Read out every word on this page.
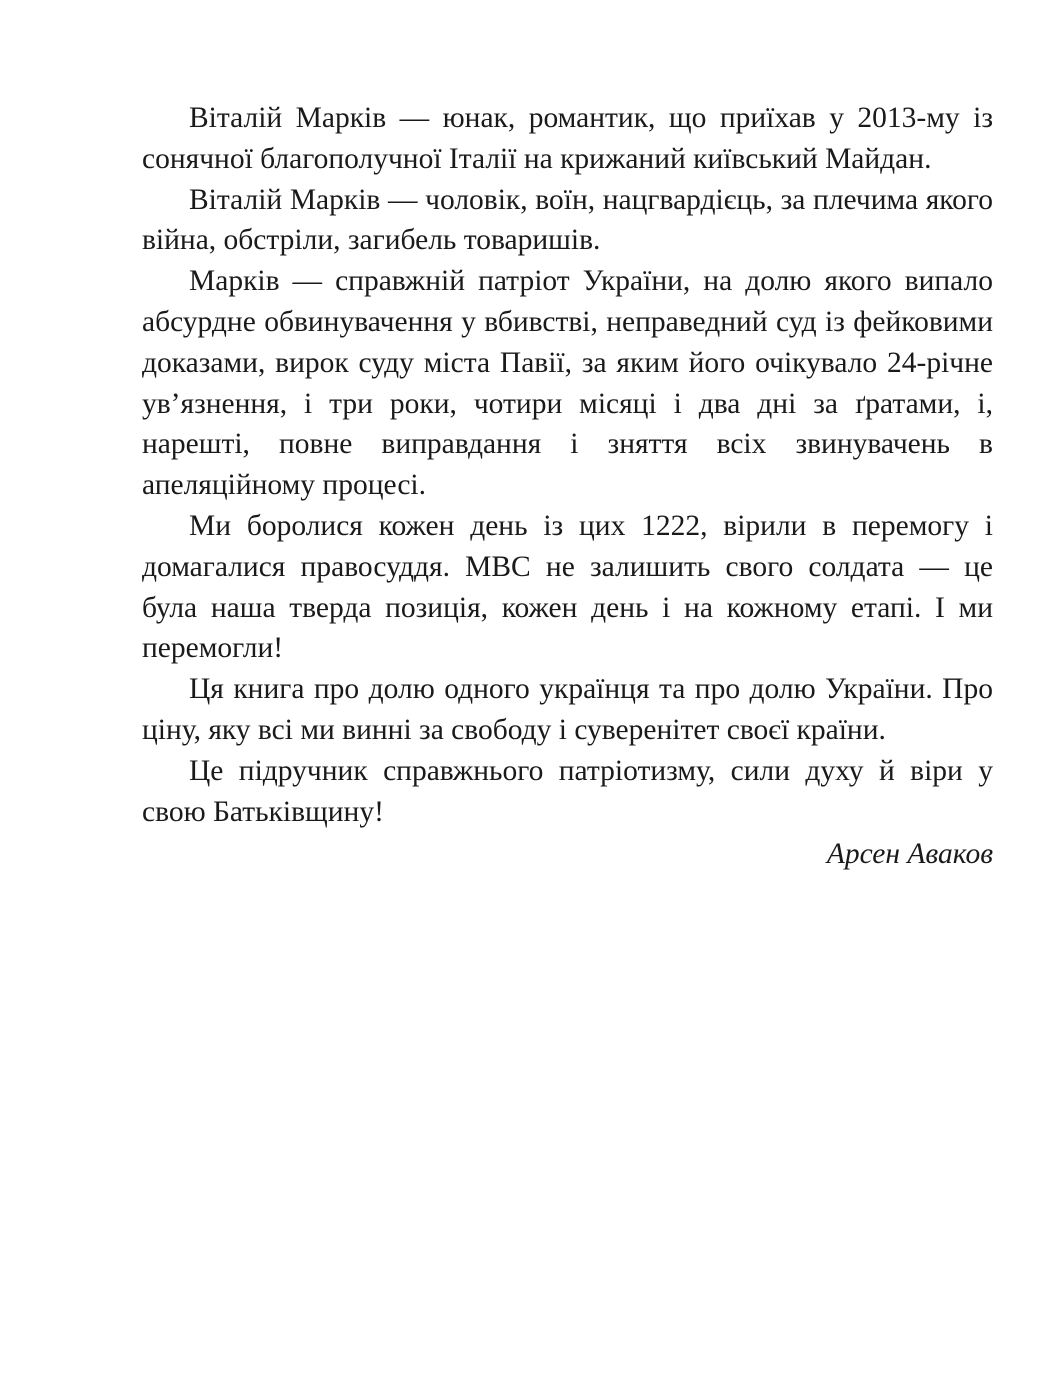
Віталій Марків — юнак, романтик, що приїхав у 2013-му із сонячної благополучної Італії на крижаний київський Майдан.

Віталій Марків — чоловік, воїн, нацгвардієць, за плечима якого війна, обстріли, загибель товаришів.

Марків — справжній патріот України, на долю якого випало абсурдне обвинувачення у вбивстві, неправедний суд із фейковими доказами, вирок суду міста Павії, за яким його очікувало 24-річне ув’язнення, і три роки, чотири місяці і два дні за ґратами, і, нарешті, повне виправдання і зняття всіх звинувачень в апеляційному процесі.

Ми боролися кожен день із цих 1222, вірили в перемогу і домагалися правосуддя. МВС не залишить свого солдата — це була наша тверда позиція, кожен день і на кожному етапі. І ми перемогли!

Ця книга про долю одного українця та про долю України. Про ціну, яку всі ми винні за свободу і суверенітет своєї країни.

Це підручник справжнього патріотизму, сили духу й віри у свою Батьківщину!

Арсен Аваков
